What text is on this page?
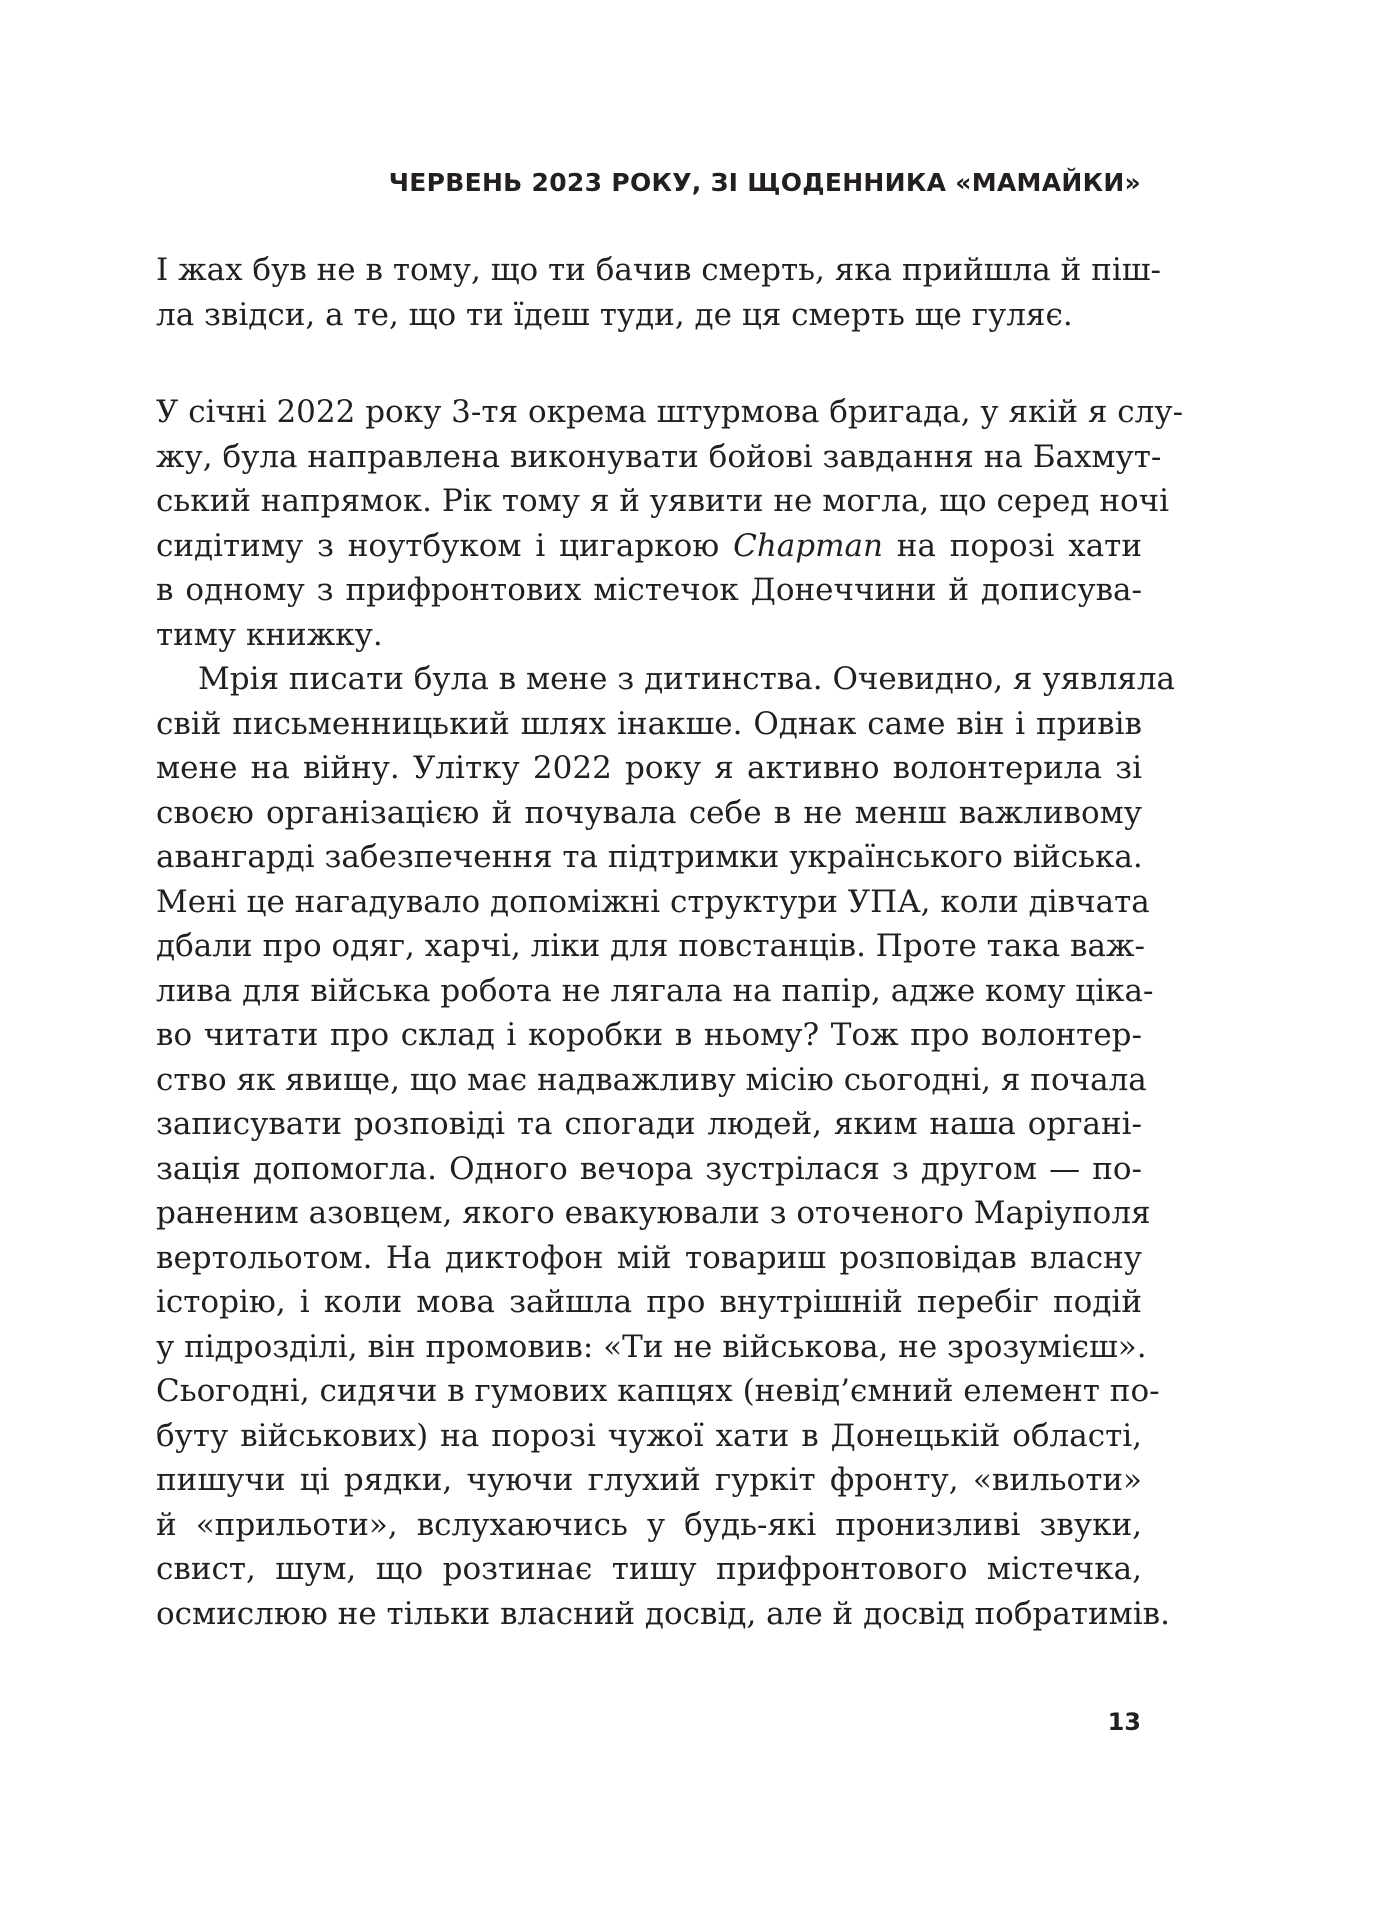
ЧЕРВЕНЬ 2023 РОКУ, ЗІ ЩОДЕННИКА «МАМАЙКИ»
І жах був не в тому, що ти бачив смерть, яка прийшла й піш-
ла звідси, а те, що ти їдеш туди, де ця смерть ще гуляє.
У січні 2022 року 3-тя окрема штурмова бригада, у якій я слу-
жу, була направлена виконувати бойові завдання на Бахмут-
ський напрямок. Рік тому я й уявити не могла, що серед ночі
сидітиму з ноутбуком і цигаркою Chapman на порозі хати
в одному з прифронтових містечок Донеччини й дописува-
тиму книжку.
Мрія писати була в мене з дитинства. Очевидно, я уявляла
свій письменницький шлях інакше. Однак саме він і привів
мене на війну. Улітку 2022 року я активно волонтерила зі
своєю організацією й почувала себе в не менш важливому
авангарді забезпечення та підтримки українського війська.
Мені це нагадувало допоміжні структури УПА, коли дівчата
дбали про одяг, харчі, ліки для повстанців. Проте така важ-
лива для війська робота не лягала на папір, адже кому ціка-
во читати про склад і коробки в ньому? Тож про волонтер-
ство як явище, що має надважливу місію сьогодні, я почала
записувати розповіді та спогади людей, яким наша органі-
зація допомогла. Одного вечора зустрілася з другом — по-
раненим азовцем, якого евакуювали з оточеного Маріуполя
вертольотом. На диктофон мій товариш розповідав власну
історію, і коли мова зайшла про внутрішній перебіг подій
у підрозділі, він промовив: «Ти не військова, не зрозумієш».
Сьогодні, сидячи в гумових капцях (невід’ємний елемент по-
буту військових) на порозі чужої хати в Донецькій області,
пишучи ці рядки, чуючи глухий гуркіт фронту, «вильоти»
й «прильоти», вслухаючись у будь-які пронизливі звуки,
свист, шум, що розтинає тишу прифронтового містечка,
осмислюю не тільки власний досвід, але й досвід побратимів.
13
